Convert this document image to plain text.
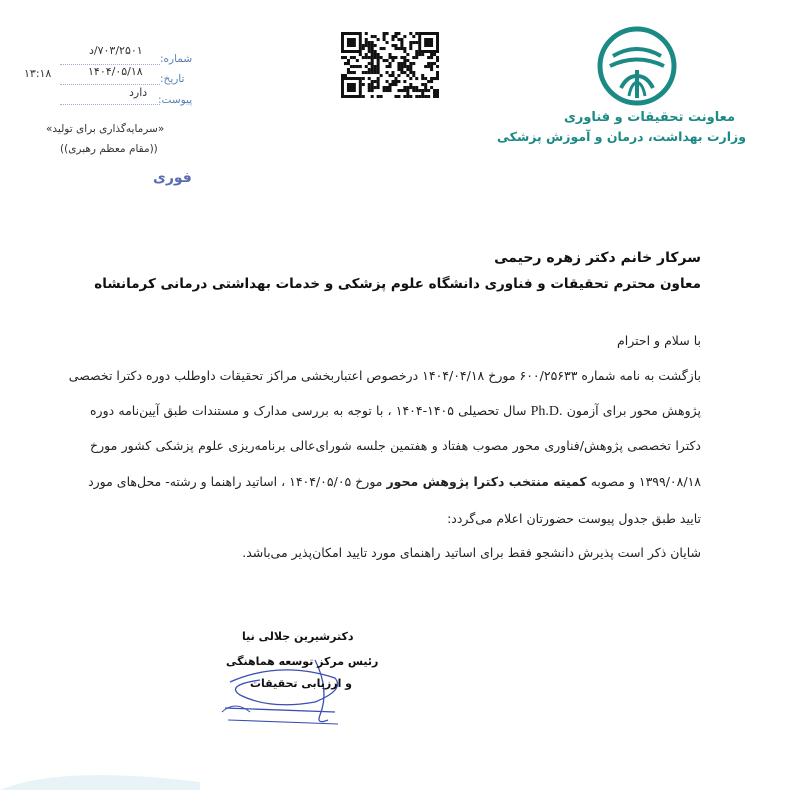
معاونت تحقیقات و فناوری
وزارت بهداشت، درمان و آموزش پزشکی
شماره:
۷۰۳/۲۵۰۱/د
تاریخ:
۱۴۰۴/۰۵/۱۸
۱۳:۱۸
پیوست:
دارد
«سرمایه‌گذاری برای تولید»
((مقام معظم رهبری))
فوری
سرکار خانم دکتر زهره رحیمی
معاون محترم تحقیقات و فناوری دانشگاه علوم پزشکی و خدمات بهداشتی درمانی کرمانشاه
با سلام و احترام
بازگشت به نامه شماره ۶۰۰/۲۵۶۳۳ مورخ ۱۴۰۴/۰۴/۱۸ درخصوص اعتباربخشی مراکز تحقیقات داوطلب دوره دکترا تخصصی
پژوهش محور برای آزمون Ph.D. سال تحصیلی ۱۴۰۵-۱۴۰۴ ، با توجه به بررسی مدارک و مستندات طبق آیین‌نامه دوره
دکترا تخصصی پژوهش/فناوری محور مصوب هفتاد و هفتمین جلسه شورای‌عالی برنامه‌ریزی علوم پزشکی کشور مورخ
۱۳۹۹/۰۸/۱۸ و مصوبه کمیته منتخب دکترا پژوهش محور مورخ ۱۴۰۴/۰۵/۰۵ ، اساتید راهنما و رشته- محل‌های مورد
تایید طبق جدول پیوست حضورتان اعلام می‌گردد:
شایان ذکر است پذیرش دانشجو فقط برای اساتید راهنمای مورد تایید امکان‌پذیر می‌باشد.
دکترشیرین جلالی نیا
رئیس مرکز توسعه هماهنگی
و ارزیابی تحقیقات
